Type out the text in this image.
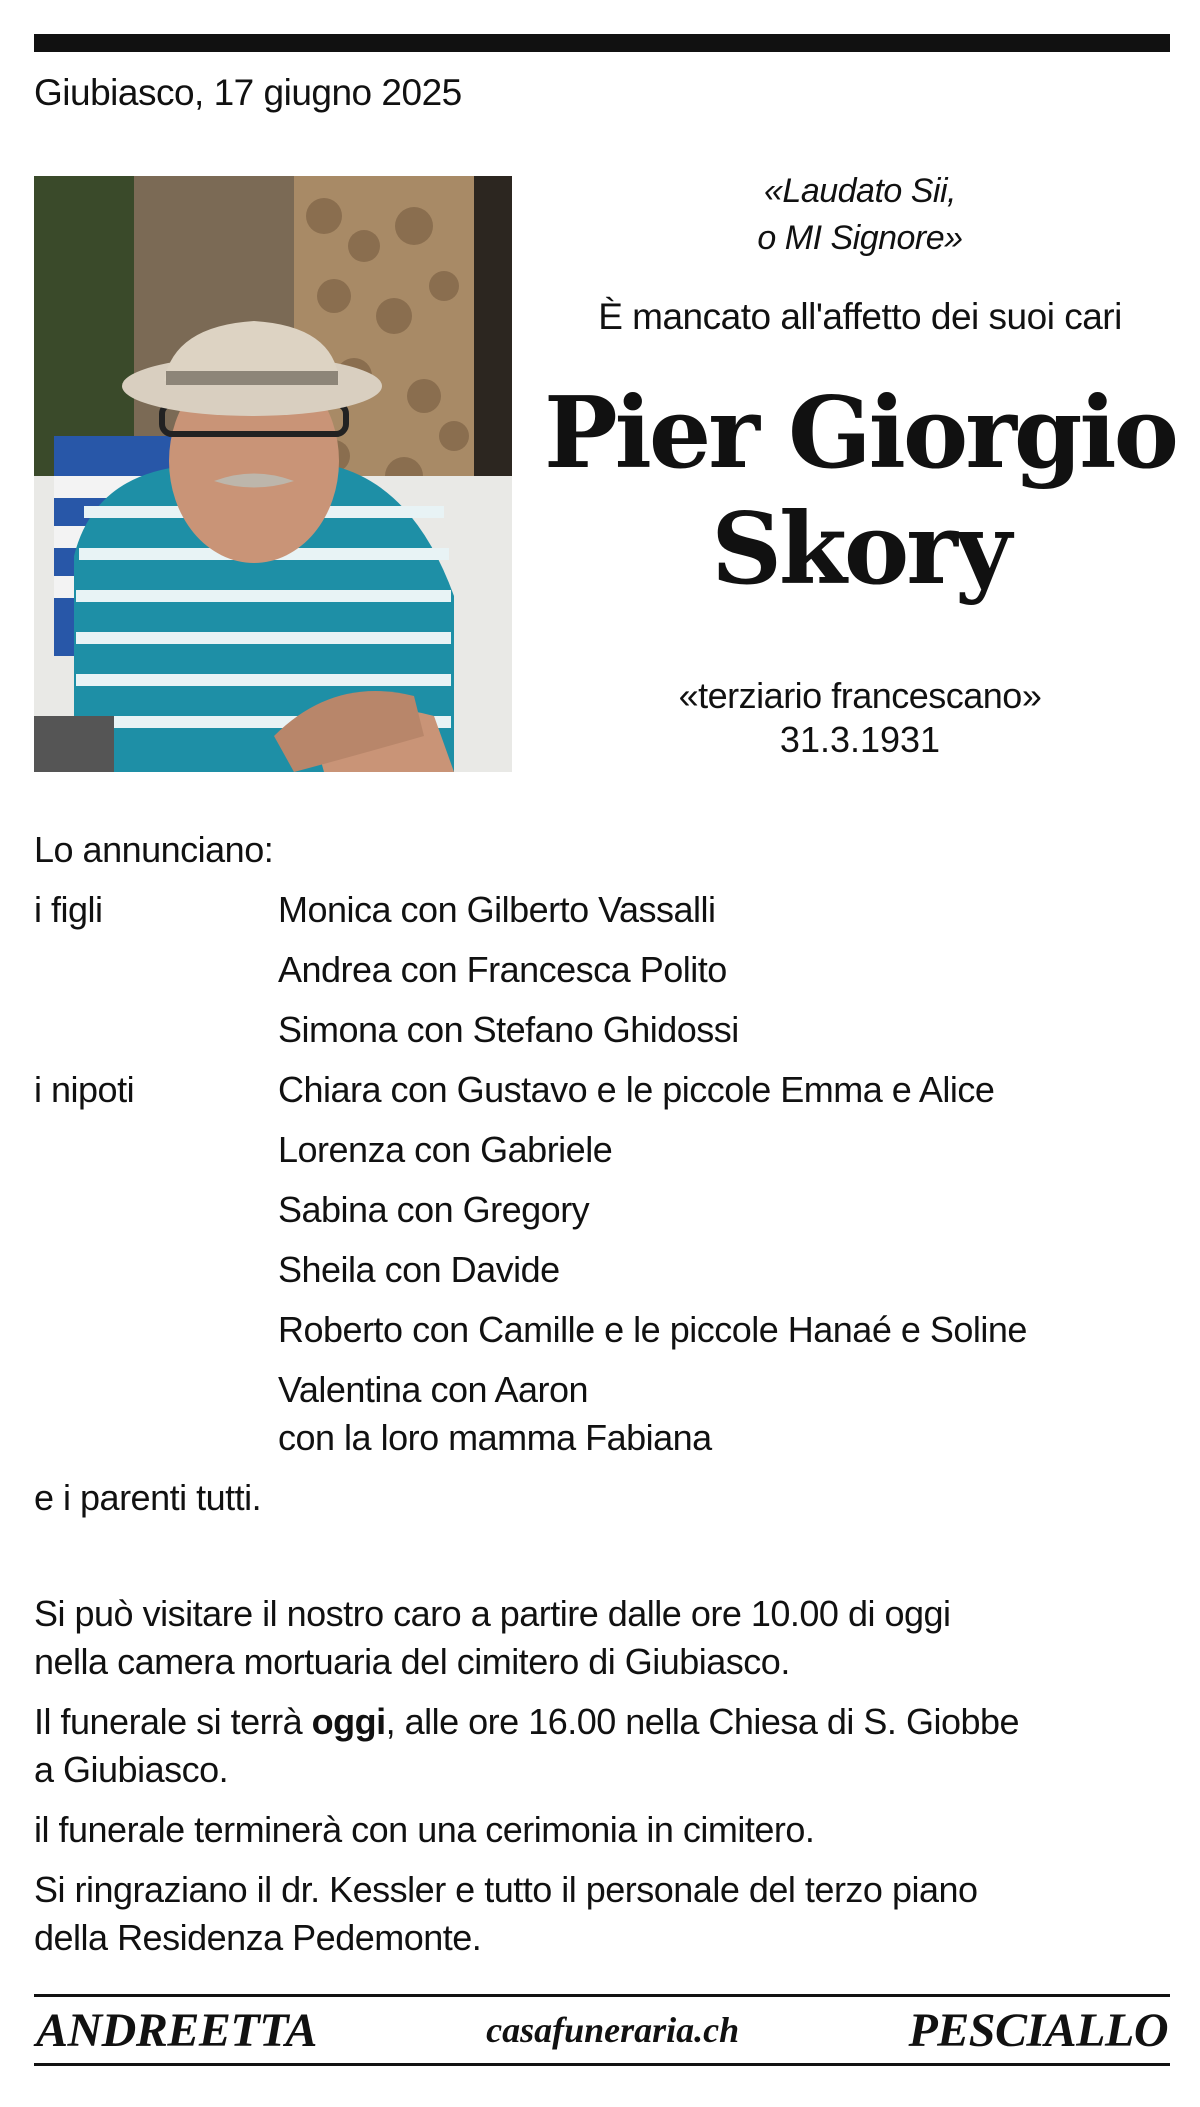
Giubiasco, 17 giugno 2025
«Laudato Sii,
o MI Signore»
È mancato all'affetto dei suoi cari
Pier Giorgio
Skory
«terziario francescano»
31.3.1931
Lo annunciano:
i figli	Monica con Gilberto Vassalli
Andrea con Francesca Polito
Simona con Stefano Ghidossi
i nipoti	Chiara con Gustavo e le piccole Emma e Alice
Lorenza con Gabriele
Sabina con Gregory
Sheila con Davide
Roberto con Camille e le piccole Hanaé e Soline
Valentina con Aaron
con la loro mamma Fabiana
e i parenti tutti.

Si può visitare il nostro caro a partire dalle ore 10.00 di oggi
nella camera mortuaria del cimitero di Giubiasco.

Il funerale si terrà oggi, alle ore 16.00 nella Chiesa di S. Giobbe
a Giubiasco.

il funerale terminerà con una cerimonia in cimitero.

Si ringraziano il dr. Kessler e tutto il personale del terzo piano
della Residenza Pedemonte.

ANDREETTA	casafuneraria.ch	PESCIALLO
